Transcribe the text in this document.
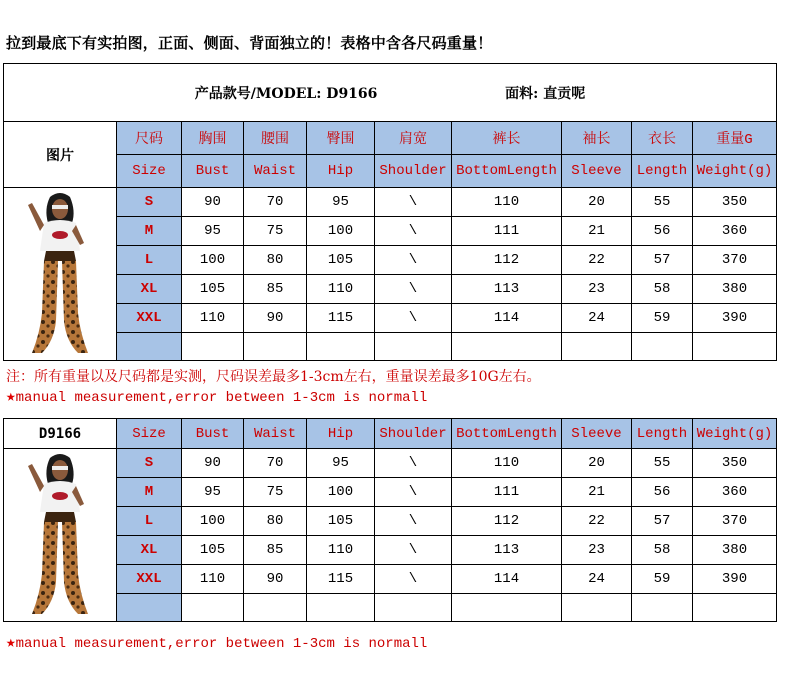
拉到最底下有实拍图，正面、侧面、背面独立的！表格中含各尺码重量！
产品款号/MODEL: D9166 面料: 直贡呢									
图片	尺码	胸围	腰围	臀围	肩宽	裤长	袖长	衣长	重量G
	Size	Bust	Waist	Hip	Shoulder	BottomLength	Sleeve	Length	Weight(g)

	S	90	70	95	\	110	20	55	350
	M	95	75	100	\	111	21	56	360
	L	100	80	105	\	112	22	57	370
	XL	105	85	110	\	113	23	58	380
	XXL	110	90	115	\	114	24	59	390

注：所有重量以及尺码都是实测，尺码误差最多1-3cm左右，重量误差最多10G左右。
★manual measurement,error between 1-3cm is normall
D9166	Size	Bust	Waist	Hip	Shoulder	BottomLength	Sleeve	Length	Weight(g)

	S	90	70	95	\	110	20	55	350
	M	95	75	100	\	111	21	56	360
	L	100	80	105	\	112	22	57	370
	XL	105	85	110	\	113	23	58	380
	XXL	110	90	115	\	114	24	59	390

★manual measurement,error between 1-3cm is normall
